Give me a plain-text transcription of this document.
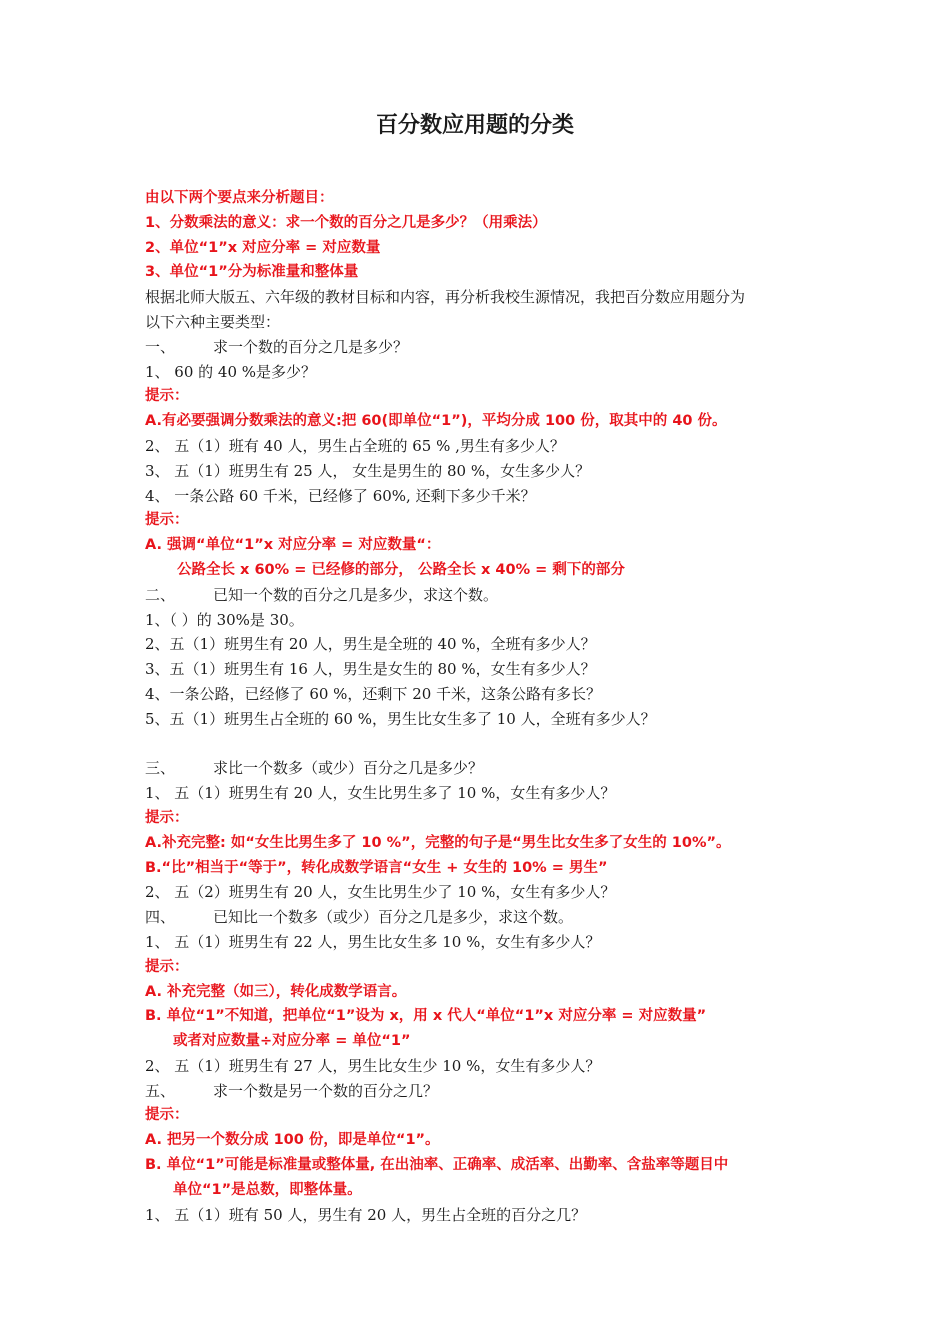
百分数应用题的分类
由以下两个要点来分析题目：
1、分数乘法的意义：求一个数的百分之几是多少？（用乘法）
2、单位“1”x 对应分率 = 对应数量
3、单位“1”分为标准量和整体量
根据北师大版五、六年级的教材目标和内容，再分析我校生源情况，我把百分数应用题分为
以下六种主要类型：
一、	求一个数的百分之几是多少？
1、 60 的 40 %是多少？
提示：
A.有必要强调分数乘法的意义:把 60(即单位“1”)，平均分成 100 份，取其中的 40 份。
2、 五（1）班有 40 人，男生占全班的 65 % ,男生有多少人？
3、 五（1）班男生有 25 人， 女生是男生的 80 %，女生多少人？
4、 一条公路 60 千米，已经修了 60%, 还剩下多少千米？
提示：
A. 强调“单位“1”x 对应分率 = 对应数量“：
公路全长 x 60% = 已经修的部分， 公路全长 x 40% = 剩下的部分
二、	已知一个数的百分之几是多少，求这个数。
1、（ ）的 30%是 30。
2、五（1）班男生有 20 人，男生是全班的 40 %，全班有多少人？
3、五（1）班男生有 16 人，男生是女生的 80 %，女生有多少人？
4、一条公路，已经修了 60 %，还剩下 20 千米，这条公路有多长？
5、五（1）班男生占全班的 60 %，男生比女生多了 10 人，全班有多少人？
三、	求比一个数多（或少）百分之几是多少？
1、 五（1）班男生有 20 人，女生比男生多了 10 %，女生有多少人？
提示：
A.补充完整: 如“女生比男生多了 10 %”，完整的句子是“男生比女生多了女生的 10%”。
B.“比”相当于“等于”，转化成数学语言“女生 + 女生的 10% = 男生”
2、 五（2）班男生有 20 人，女生比男生少了 10 %，女生有多少人？
四、	已知比一个数多（或少）百分之几是多少，求这个数。
1、 五（1）班男生有 22 人，男生比女生多 10 %，女生有多少人？
提示：
A. 补充完整（如三），转化成数学语言。
B. 单位“1”不知道，把单位“1”设为 x，用 x 代人“单位“1”x 对应分率 = 对应数量”
或者对应数量÷对应分率 = 单位“1”
2、 五（1）班男生有 27 人，男生比女生少 10 %，女生有多少人？
五、	求一个数是另一个数的百分之几？
提示：
A. 把另一个数分成 100 份，即是单位“1”。
B. 单位“1”可能是标准量或整体量, 在出油率、正确率、成活率、出勤率、含盐率等题目中
单位“1”是总数，即整体量。
1、 五（1）班有 50 人，男生有 20 人，男生占全班的百分之几？
